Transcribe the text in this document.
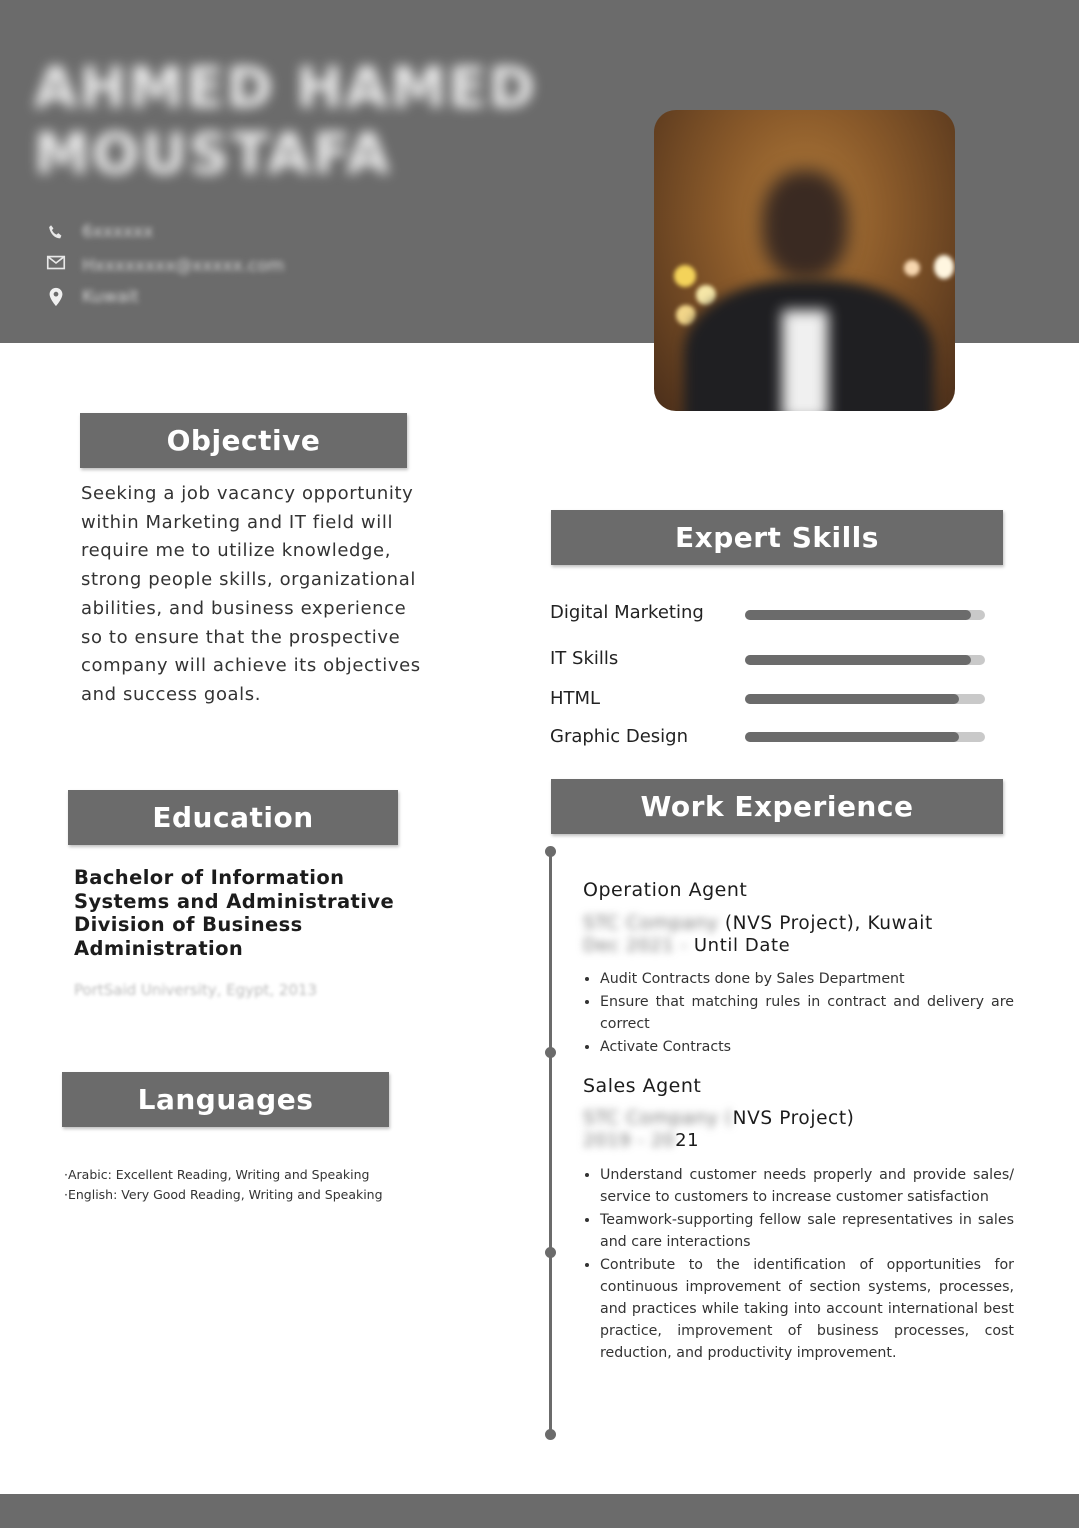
AHMED HAMED
MOUSTAFA
6xxxxxx
Hxxxxxxxx@xxxxx.com
Kuwait
Objective
Seeking a job vacancy opportunity within Marketing and IT field will require me to utilize knowledge, strong people skills, organizational abilities, and business experience so to ensure that the prospective company will achieve its objectives and success goals.
Education
Bachelor of Information Systems and Administrative Division of Business Administration
PortSaid University, Egypt, 2013
Languages
·Arabic: Excellent Reading, Writing and Speaking
·English: Very Good Reading, Writing and Speaking
Expert Skills
Digital Marketing
IT Skills
HTML
Graphic Design
Work Experience
Operation Agent
STC Company (NVS Project), Kuwait
Dec 2021 - Until Date
• Audit Contracts done by Sales Department
• Ensure that matching rules in contract and delivery are correct
• Activate Contracts
Sales Agent
STC Company (NVS Project)
2019 - 2021
• Understand customer needs properly and provide sales/ service to customers to increase customer satisfaction
• Teamwork-supporting fellow sale representatives in sales and care interactions
• Contribute to the identification of opportunities for continuous improvement of section systems, processes, and practices while taking into account international best practice, improvement of business processes, cost reduction, and productivity improvement.
